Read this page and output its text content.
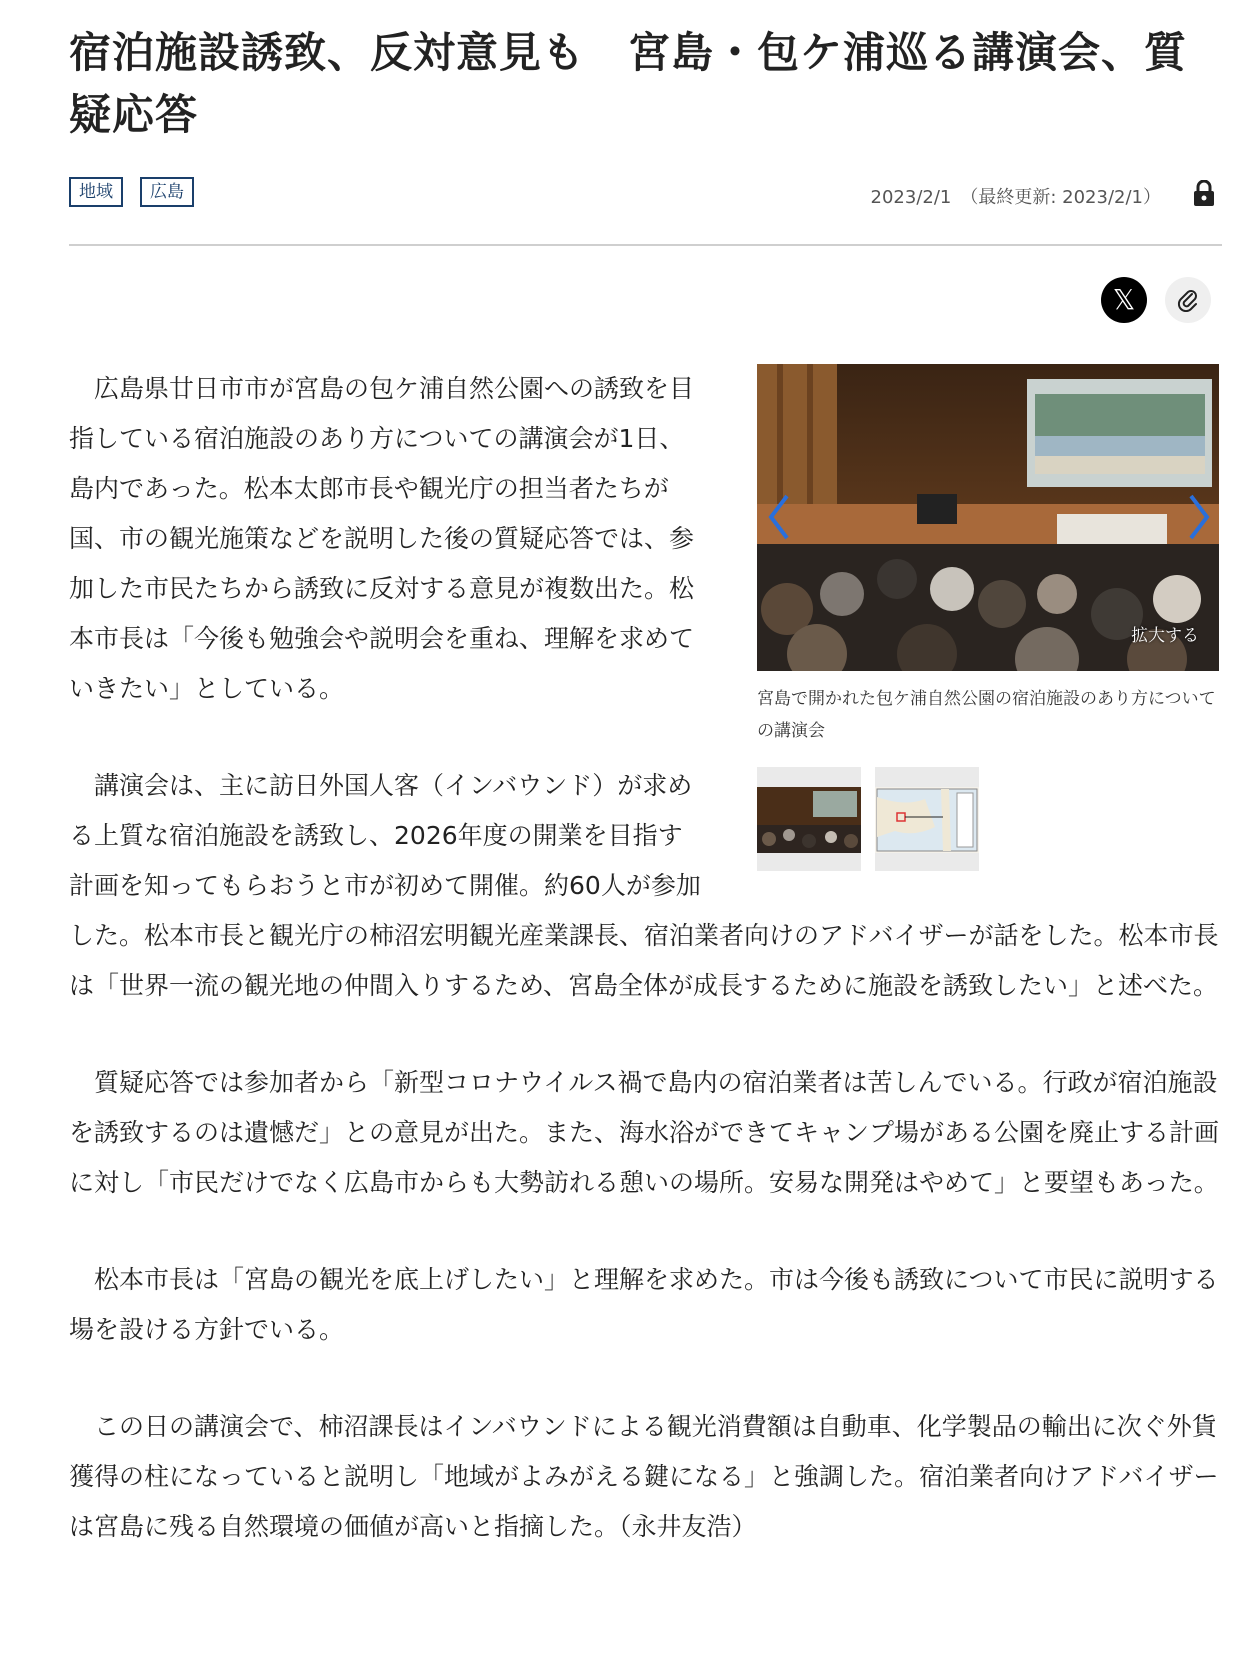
宿泊施設誘致、反対意見も　宮島・包ケ浦巡る講演会、質疑応答
地域	広島	2023/2/1　（最終更新: 2023/2/1）
𝕏
拡大する
宮島で開かれた包ケ浦自然公園の宿泊施設のあり方についての講演会

広島県廿日市市が宮島の包ケ浦自然公園への誘致を目指している宿泊施設のあり方についての講演会が1日、島内であった。松本太郎市長や観光庁の担当者たちが国、市の観光施策などを説明した後の質疑応答では、参加した市民たちから誘致に反対する意見が複数出た。松本市長は「今後も勉強会や説明会を重ね、理解を求めていきたい」としている。

講演会は、主に訪日外国人客（インバウンド）が求める上質な宿泊施設を誘致し、2026年度の開業を目指す計画を知ってもらおうと市が初めて開催。約60人が参加した。松本市長と観光庁の柿沼宏明観光産業課長、宿泊業者向けのアドバイザーが話をした。松本市長は「世界一流の観光地の仲間入りするため、宮島全体が成長するために施設を誘致したい」と述べた。

質疑応答では参加者から「新型コロナウイルス禍で島内の宿泊業者は苦しんでいる。行政が宿泊施設を誘致するのは遺憾だ」との意見が出た。また、海水浴ができてキャンプ場がある公園を廃止する計画に対し「市民だけでなく広島市からも大勢訪れる憩いの場所。安易な開発はやめて」と要望もあった。

松本市長は「宮島の観光を底上げしたい」と理解を求めた。市は今後も誘致について市民に説明する場を設ける方針でいる。

この日の講演会で、柿沼課長はインバウンドによる観光消費額は自動車、化学製品の輸出に次ぐ外貨獲得の柱になっていると説明し「地域がよみがえる鍵になる」と強調した。宿泊業者向けアドバイザーは宮島に残る自然環境の価値が高いと指摘した。（永井友浩）
